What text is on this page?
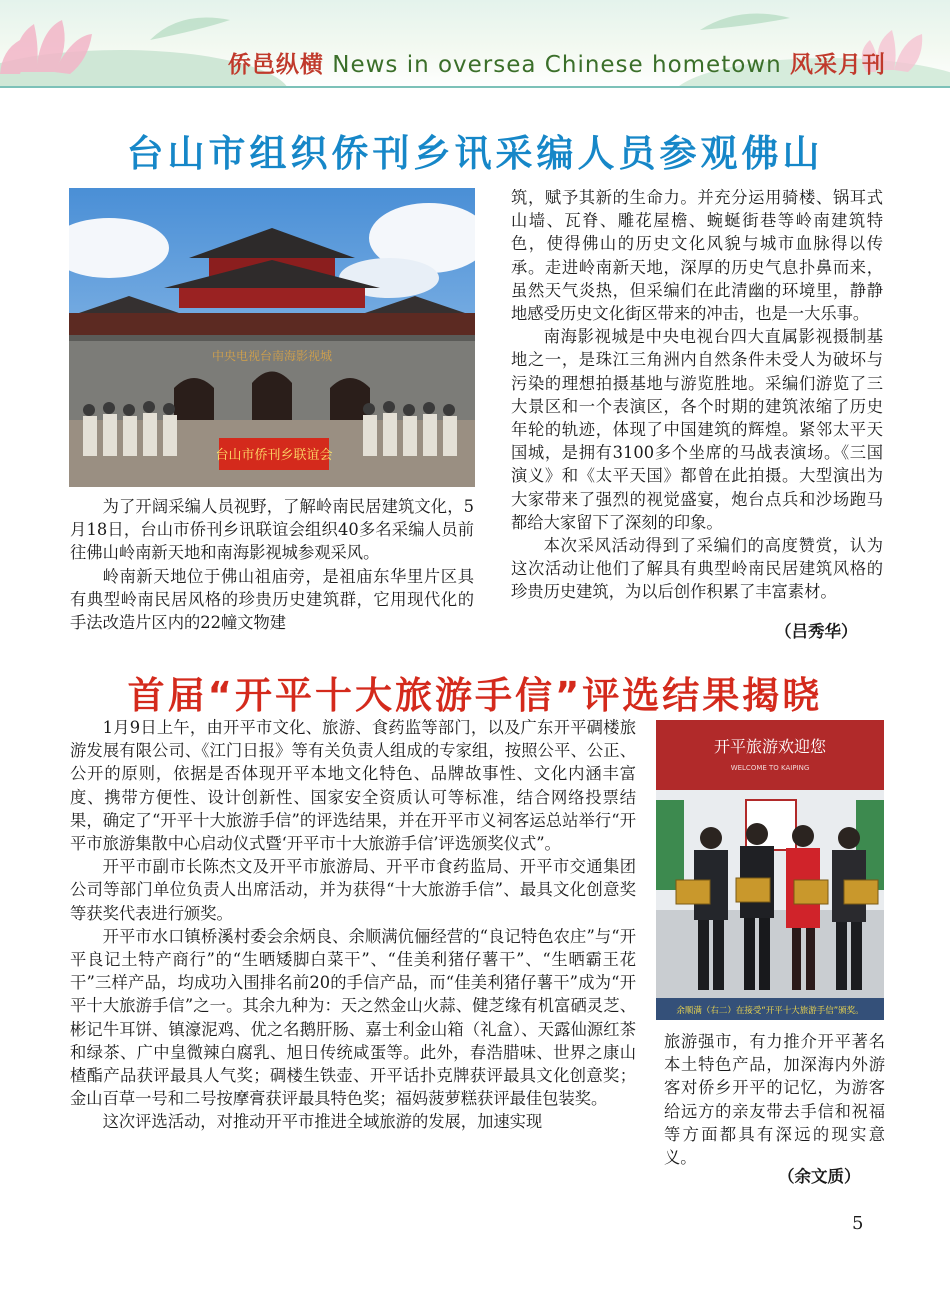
侨邑纵横 News in oversea Chinese hometown 风采月刊
台山市组织侨刊乡讯采编人员参观佛山
中央电视台南海影视城
台山市侨刊乡联谊会

为了开阔采编人员视野，了解岭南民居建筑文化，5月18日，台山市侨刊乡讯联谊会组织40多名采编人员前往佛山岭南新天地和南海影视城参观采风。

岭南新天地位于佛山祖庙旁，是祖庙东华里片区具有典型岭南民居风格的珍贵历史建筑群，它用现代化的手法改造片区内的22幢文物建

筑，赋予其新的生命力。并充分运用骑楼、锅耳式山墙、瓦脊、雕花屋檐、蜿蜒街巷等岭南建筑特色，使得佛山的历史文化风貌与城市血脉得以传承。走进岭南新天地，深厚的历史气息扑鼻而来，虽然天气炎热，但采编们在此清幽的环境里，静静地感受历史文化街区带来的冲击，也是一大乐事。

南海影视城是中央电视台四大直属影视摄制基地之一，是珠江三角洲内自然条件未受人为破坏与污染的理想拍摄基地与游览胜地。采编们游览了三大景区和一个表演区，各个时期的建筑浓缩了历史年轮的轨迹，体现了中国建筑的辉煌。紧邻太平天国城，是拥有3100多个坐席的马战表演场。《三国演义》和《太平天国》都曾在此拍摄。大型演出为大家带来了强烈的视觉盛宴，炮台点兵和沙场跑马都给大家留下了深刻的印象。

本次采风活动得到了采编们的高度赞赏，认为这次活动让他们了解具有典型岭南民居建筑风格的珍贵历史建筑，为以后创作积累了丰富素材。

（吕秀华）
首届“开平十大旅游手信”评选结果揭晓

1月9日上午，由开平市文化、旅游、食药监等部门，以及广东开平碉楼旅游发展有限公司、《江门日报》等有关负责人组成的专家组，按照公平、公正、公开的原则，依据是否体现开平本地文化特色、品牌故事性、文化内涵丰富度、携带方便性、设计创新性、国家安全资质认可等标准，结合网络投票结果，确定了“开平十大旅游手信”的评选结果，并在开平市义祠客运总站举行“开平市旅游集散中心启动仪式暨‘开平市十大旅游手信’评选颁奖仪式”。

开平市副市长陈杰文及开平市旅游局、开平市食药监局、开平市交通集团公司等部门单位负责人出席活动，并为获得“十大旅游手信”、最具文化创意奖等获奖代表进行颁奖。

开平市水口镇桥溪村委会余炳良、余顺满伉俪经营的“良记特色农庄”与“开平良记土特产商行”的“生晒矮脚白菜干”、“佳美利猪仔薯干”、“生晒霸王花干”三样产品，均成功入围排名前20的手信产品，而“佳美利猪仔薯干”成为“开平十大旅游手信”之一。其余九种为：天之然金山火蒜、健芝缘有机富硒灵芝、彬记牛耳饼、镇濠泥鸡、优之名鹅肝肠、嘉士利金山箱（礼盒）、天露仙源红茶和绿茶、广中皇微辣白腐乳、旭日传统咸蛋等。此外，春浩腊味、世界之康山楂酯产品获评最具人气奖；碉楼生铁壶、开平话扑克牌获评最具文化创意奖；金山百草一号和二号按摩膏获评最具特色奖；福妈菠萝糕获评最佳包装奖。

这次评选活动，对推动开平市推进全域旅游的发展，加速实现

开平旅游欢迎您
WELCOME TO KAIPING
余顺满（右二）在接受“开平十大旅游手信”颁奖。

旅游强市，有力推介开平著名本土特色产品，加深海内外游客对侨乡开平的记忆，为游客给远方的亲友带去手信和祝福等方面都具有深远的现实意义。

（余文质）
5
